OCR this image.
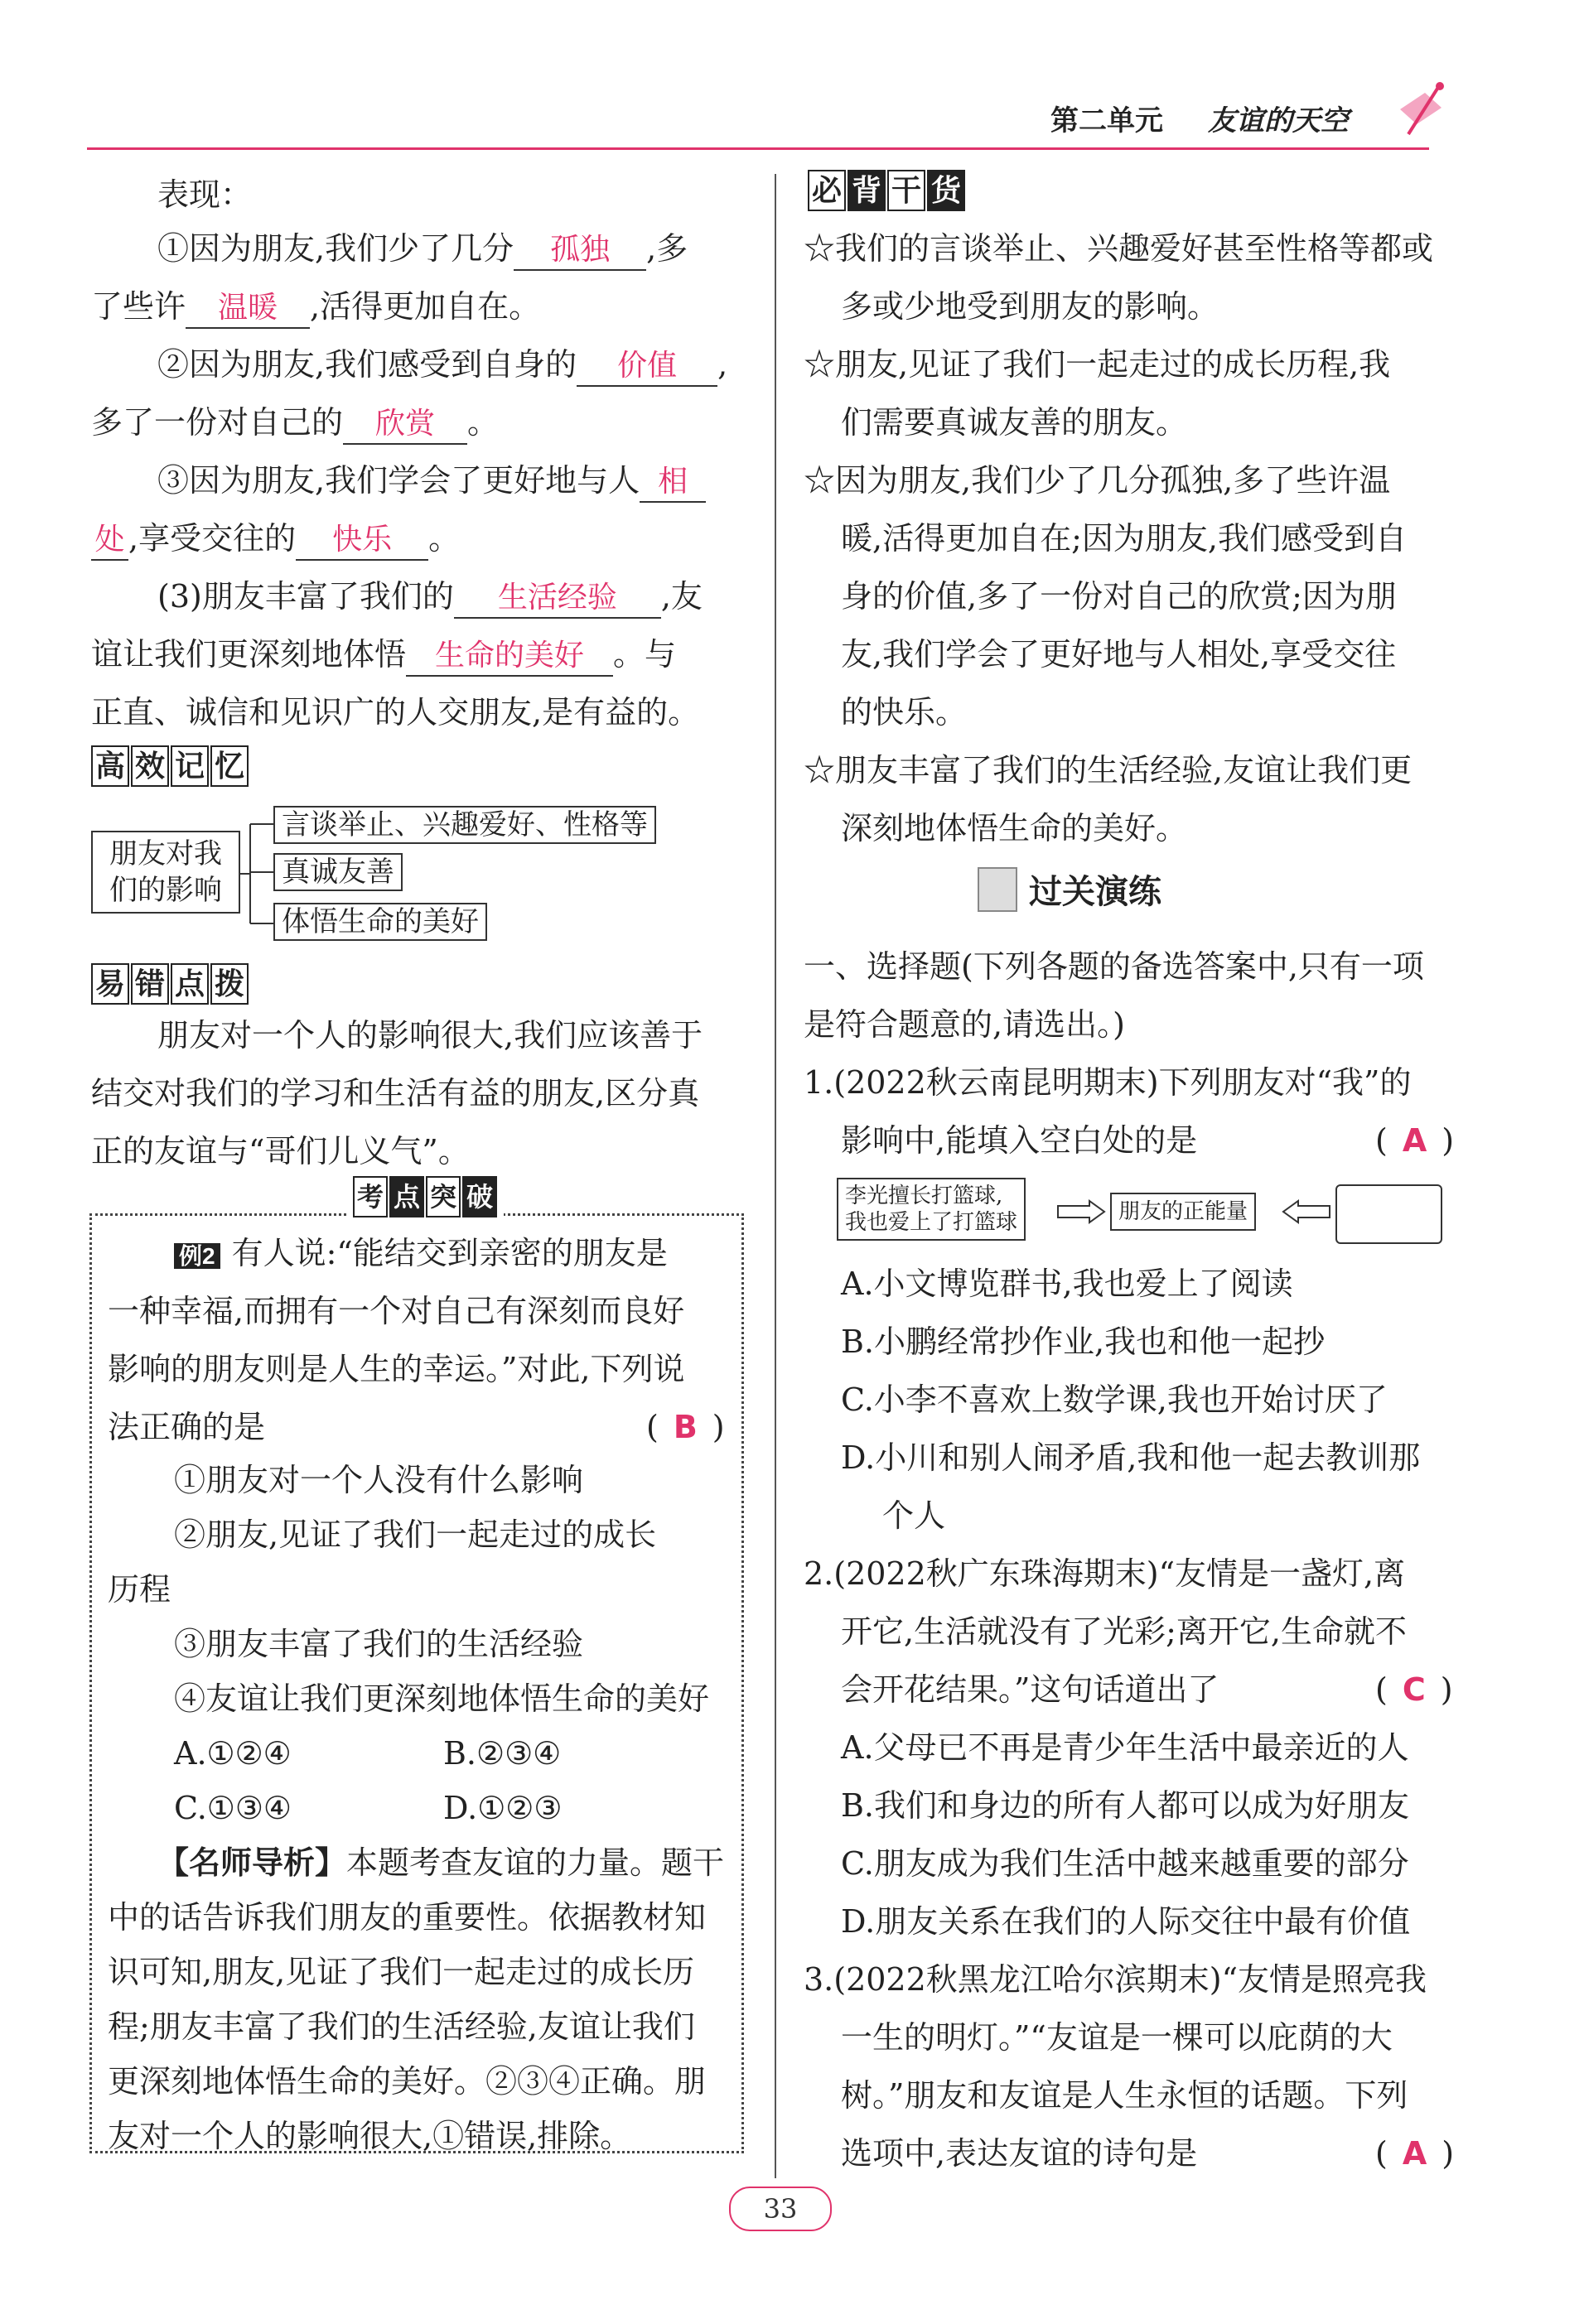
第二单元 友谊的天空
表现：
①因为朋友,我们少了几分 孤独 ,多
了些许 温暖 ,活得更加自在。
②因为朋友,我们感受到自身的 价值 ,
多了一份对自己的 欣赏 。
③因为朋友,我们学会了更好地与人 相
处 ,享受交往的 快乐 。
(3)朋友丰富了我们的 生活经验 ,友
谊让我们更深刻地体悟 生命的美好 。与
正直、诚信和见识广的人交朋友,是有益的。
高 效 记 忆
朋友对我们的影响
言谈举止、兴趣爱好、性格等
真诚友善
体悟生命的美好
易 错 点 拨
朋友对一个人的影响很大,我们应该善于
结交对我们的学习和生活有益的朋友,区分真
正的友谊与“哥们儿义气”。
考 点 突 破
例2 有人说:“能结交到亲密的朋友是
一种幸福,而拥有一个对自己有深刻而良好
影响的朋友则是人生的幸运。”对此,下列说
法正确的是	( B )
①朋友对一个人没有什么影响
②朋友,见证了我们一起走过的成长
历程
③朋友丰富了我们的生活经验
④友谊让我们更深刻地体悟生命的美好
A.①②④	B.②③④
C.①③④	D.①②③
【名师导析】本题考查友谊的力量。题干
中的话告诉我们朋友的重要性。依据教材知
识可知,朋友,见证了我们一起走过的成长历
程;朋友丰富了我们的生活经验,友谊让我们
更深刻地体悟生命的美好。②③④正确。朋
友对一个人的影响很大,①错误,排除。
必 背 干 货
☆我们的言谈举止、兴趣爱好甚至性格等都或
多或少地受到朋友的影响。
☆朋友,见证了我们一起走过的成长历程,我
们需要真诚友善的朋友。
☆因为朋友,我们少了几分孤独,多了些许温
暖,活得更加自在;因为朋友,我们感受到自
身的价值,多了一份对自己的欣赏;因为朋
友,我们学会了更好地与人相处,享受交往
的快乐。
☆朋友丰富了我们的生活经验,友谊让我们更
深刻地体悟生命的美好。
过关演练
一、选择题(下列各题的备选答案中,只有一项
是符合题意的,请选出。)
1.(2022秋云南昆明期末)下列朋友对“我”的
影响中,能填入空白处的是	( A )
李光擅长打篮球,
我也爱上了打篮球	朋友的正能量
A.小文博览群书,我也爱上了阅读
B.小鹏经常抄作业,我也和他一起抄
C.小李不喜欢上数学课,我也开始讨厌了
D.小川和别人闹矛盾,我和他一起去教训那
个人
2.(2022秋广东珠海期末)“友情是一盏灯,离
开它,生活就没有了光彩;离开它,生命就不
会开花结果。”这句话道出了	( C )
A.父母已不再是青少年生活中最亲近的人
B.我们和身边的所有人都可以成为好朋友
C.朋友成为我们生活中越来越重要的部分
D.朋友关系在我们的人际交往中最有价值
3.(2022秋黑龙江哈尔滨期末)“友情是照亮我
一生的明灯。”“友谊是一棵可以庇荫的大
树。”朋友和友谊是人生永恒的话题。下列
选项中,表达友谊的诗句是	( A )
33
